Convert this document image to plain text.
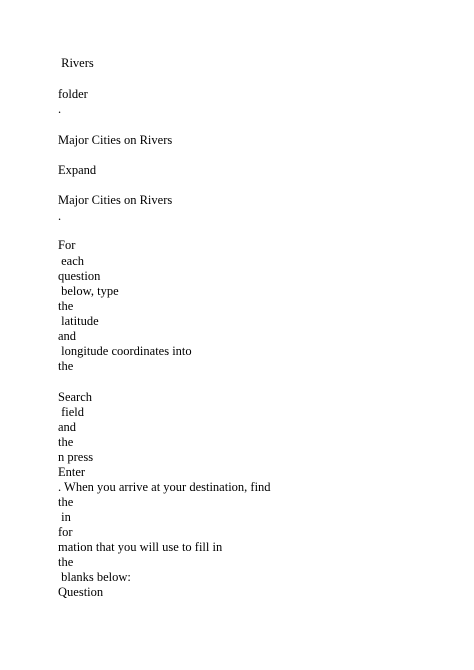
Rivers
folder
.
Major Cities on Rivers
Expand
Major Cities on Rivers
.
For
each
question
below, type
the
latitude
and
longitude coordinates into
the
Search
field
and
the
n press
Enter
. When you arrive at your destination, find
the
in
for
mation that you will use to fill in
the
blanks below:
Question
